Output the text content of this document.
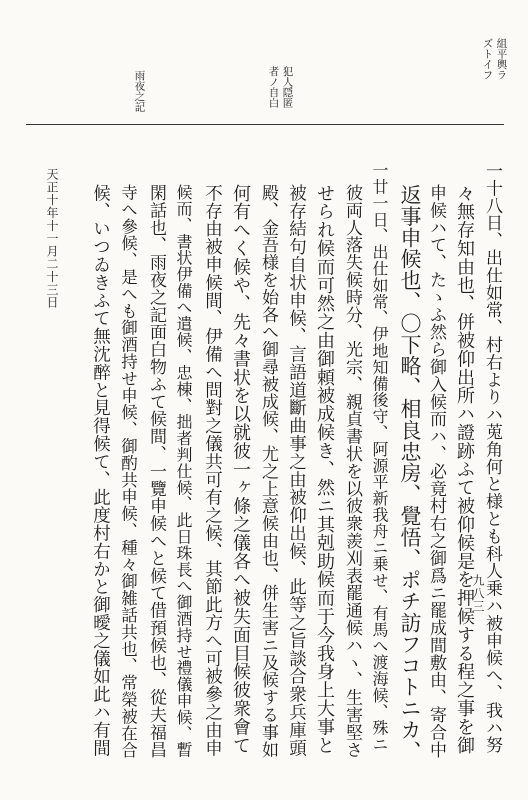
組平輿ラ
ズトイフ
犯人隠匿
者ノ自白
雨夜之記
一十八日、出仕如常、村右よりハ莵角何と様とも科人乗ハ被申候へ、我ハ努
々無存知由也、併被仰出所ハ證跡ふて被仰候是を押候する程之事を御
申候ハて、たゝふ然ら御入候而ハ、必竟村右之御爲ニ罷成間敷由、寄合中
返事申候也、〇下略、相良忠房、覺悟、ポチ訪フコトニカ、
一廿一日、出仕如常、伊地知備後守、阿源平新我舟ニ乗せ、有馬へ渡海候、殊ニ
彼両人落失候時分、光宗、親貞書状を以彼衆羨刈表罷通候ハヽ、生害堅さ
せられ候而可然之由御頼被成候き、然ニ其剋助候而于今我身上大事と
被存結句自状申候、言語道斷曲事之由被仰出候、此等之旨談合衆兵庫頭
殿、金吾様を始各へ御尋被成候、尤之上意候由也、併生害ニ及候する事如
何有へく候や、先々書状を以就彼一ヶ條之儀各へ被失面目候彼衆會て
不存由被申候間、伊備へ問對之儀共可有之候、其節此方へ可被參之由申
候而、書状伊備へ遣候、忠棟、拙者判仕候、此日珠長へ御酒持せ禮儀申候、暫
閑話也、雨夜之記面白物ふて候間、一覽申候へと候て借預候也、從夫福昌
寺へ參候、是へも御酒持せ申候、御酌共申候、種々御雑話共也、常榮被在合
候、いつゐきふて無沈醉と見得候て、此度村右かと御曖之儀如此ハ有間
天正十年十一月二十三日
九八三
